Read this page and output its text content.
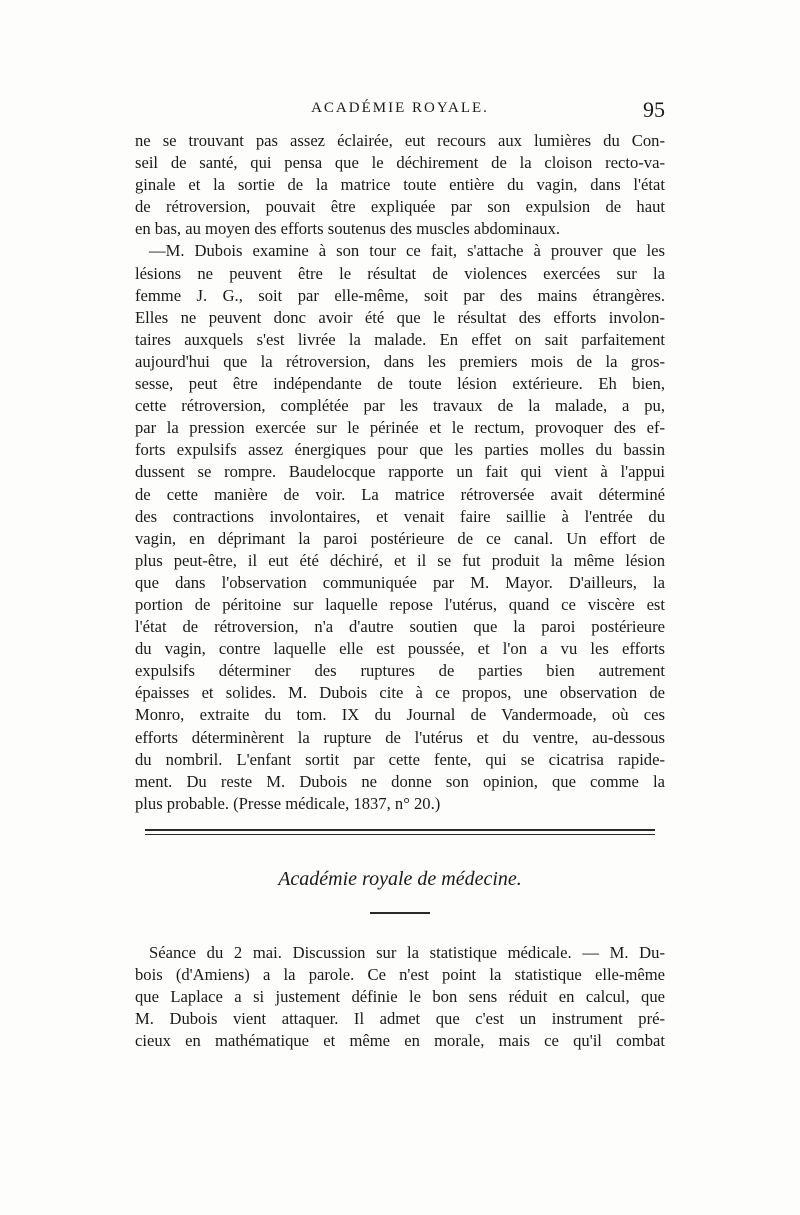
ACADÉMIE ROYALE.	95
ne se trouvant pas assez éclairée, eut recours aux lumières du Con-
seil de santé, qui pensa que le déchirement de la cloison recto-va-
ginale et la sortie de la matrice toute entière du vagin, dans l'état
de rétroversion, pouvait être expliquée par son expulsion de haut
en bas, au moyen des efforts soutenus des muscles abdominaux.
—M. Dubois examine à son tour ce fait, s'attache à prouver que les
lésions ne peuvent être le résultat de violences exercées sur la
femme J. G., soit par elle-même, soit par des mains étrangères.
Elles ne peuvent donc avoir été que le résultat des efforts involon-
taires auxquels s'est livrée la malade. En effet on sait parfaitement
aujourd'hui que la rétroversion, dans les premiers mois de la gros-
sesse, peut être indépendante de toute lésion extérieure. Eh bien,
cette rétroversion, complétée par les travaux de la malade, a pu,
par la pression exercée sur le périnée et le rectum, provoquer des ef-
forts expulsifs assez énergiques pour que les parties molles du bassin
dussent se rompre. Baudelocque rapporte un fait qui vient à l'appui
de cette manière de voir. La matrice rétroversée avait déterminé
des contractions involontaires, et venait faire saillie à l'entrée du
vagin, en déprimant la paroi postérieure de ce canal. Un effort de
plus peut-être, il eut été déchiré, et il se fut produit la même lésion
que dans l'observation communiquée par M. Mayor. D'ailleurs, la
portion de péritoine sur laquelle repose l'utérus, quand ce viscère est
l'état de rétroversion, n'a d'autre soutien que la paroi postérieure
du vagin, contre laquelle elle est poussée, et l'on a vu les efforts
expulsifs déterminer des ruptures de parties bien autrement
épaisses et solides. M. Dubois cite à ce propos, une observation de
Monro, extraite du tom. IX du Journal de Vandermoade, où ces
efforts déterminèrent la rupture de l'utérus et du ventre, au-dessous
du nombril. L'enfant sortit par cette fente, qui se cicatrisa rapide-
ment. Du reste M. Dubois ne donne son opinion, que comme la
plus probable. (Presse médicale, 1837, n° 20.)
Académie royale de médecine.
Séance du 2 mai. Discussion sur la statistique médicale. — M. Du-
bois (d'Amiens) a la parole. Ce n'est point la statistique elle-même
que Laplace a si justement définie le bon sens réduit en calcul, que
M. Dubois vient attaquer. Il admet que c'est un instrument pré-
cieux en mathématique et même en morale, mais ce qu'il combat
